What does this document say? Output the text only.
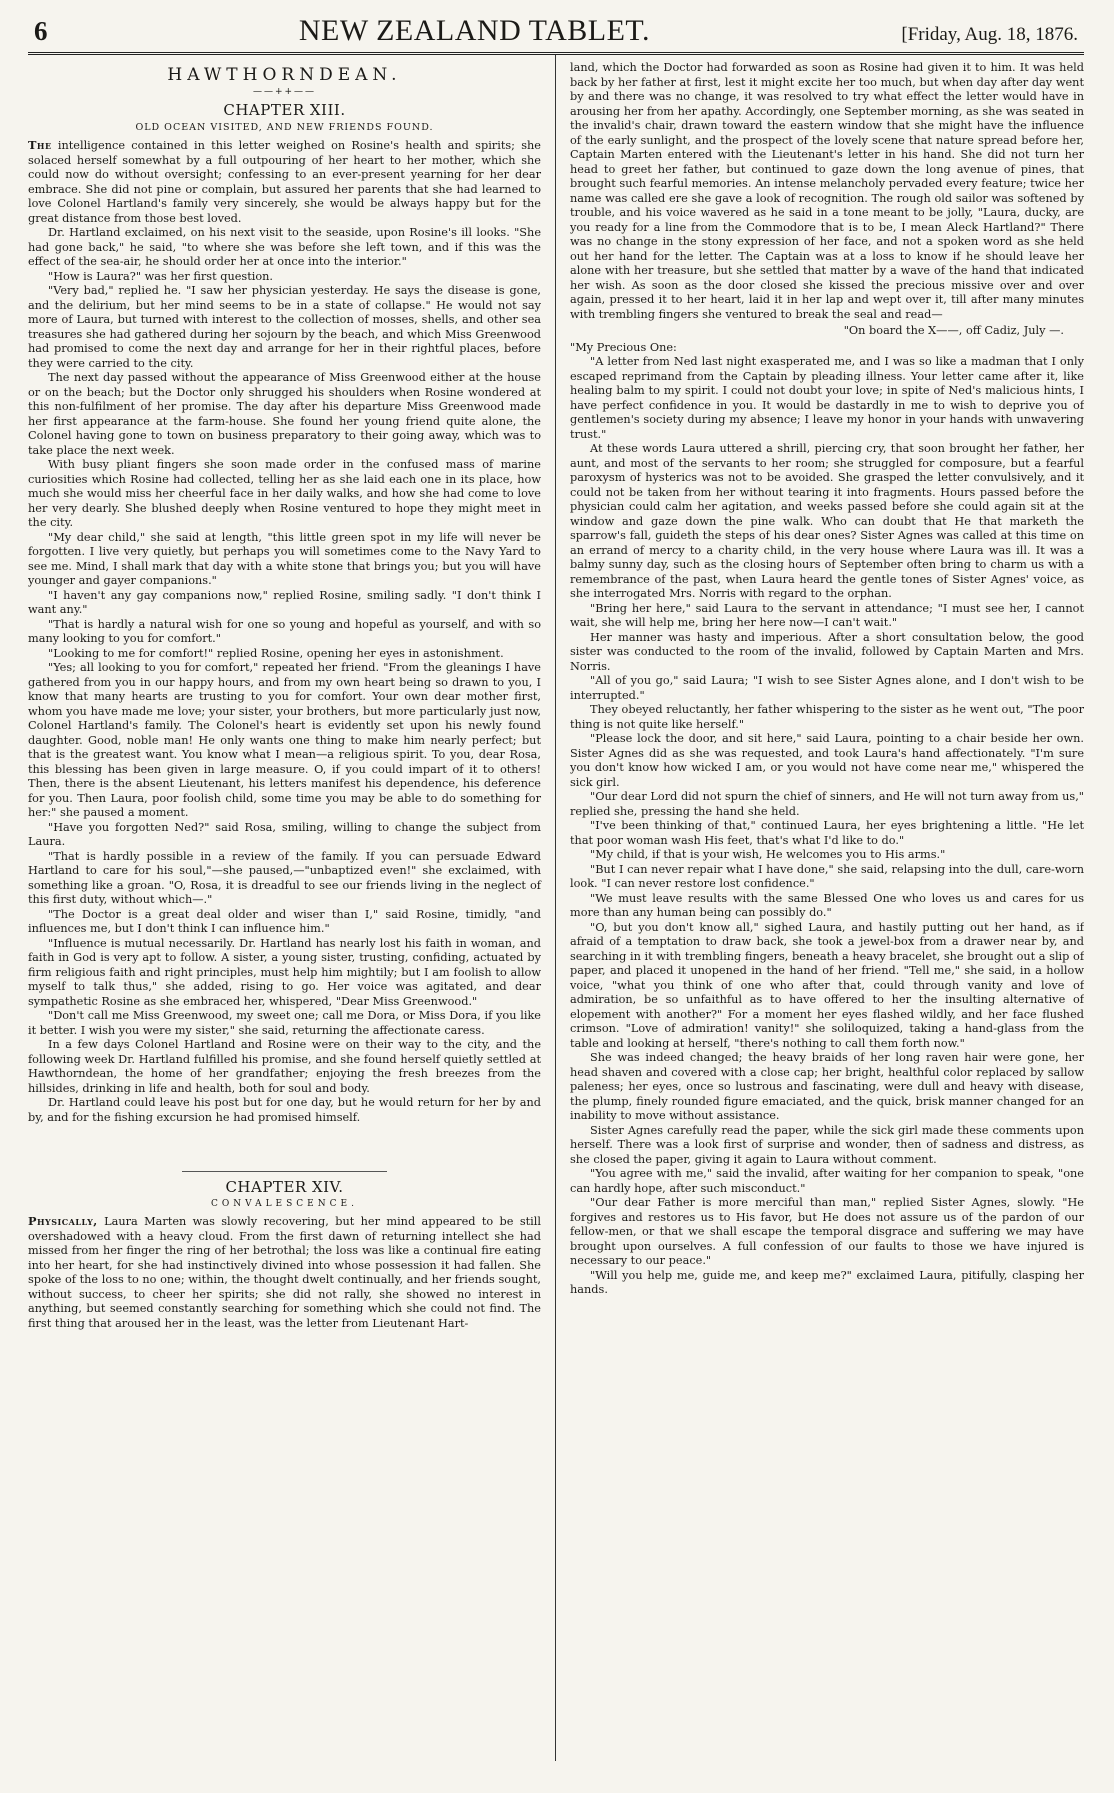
6	NEW ZEALAND TABLET.	[Friday, Aug. 18, 1876.
HAWTHORNDEAN.
——++——
CHAPTER XIII.
OLD OCEAN VISITED, AND NEW FRIENDS FOUND.

The intelligence contained in this letter weighed on Rosine's health and spirits; she solaced herself somewhat by a full outpouring of her heart to her mother, which she could now do without oversight; confessing to an ever-present yearning for her dear embrace. She did not pine or complain, but assured her parents that she had learned to love Colonel Hartland's family very sincerely, she would be always happy but for the great distance from those best loved.

Dr. Hartland exclaimed, on his next visit to the seaside, upon Rosine's ill looks. "She had gone back," he said, "to where she was before she left town, and if this was the effect of the sea-air, he should order her at once into the interior."

"How is Laura?" was her first question.

"Very bad," replied he. "I saw her physician yesterday. He says the disease is gone, and the delirium, but her mind seems to be in a state of collapse." He would not say more of Laura, but turned with interest to the collection of mosses, shells, and other sea treasures she had gathered during her sojourn by the beach, and which Miss Greenwood had promised to come the next day and arrange for her in their rightful places, before they were carried to the city.

The next day passed without the appearance of Miss Greenwood either at the house or on the beach; but the Doctor only shrugged his shoulders when Rosine wondered at this non-fulfilment of her promise. The day after his departure Miss Greenwood made her first appearance at the farm-house. She found her young friend quite alone, the Colonel having gone to town on business preparatory to their going away, which was to take place the next week.

With busy pliant fingers she soon made order in the confused mass of marine curiosities which Rosine had collected, telling her as she laid each one in its place, how much she would miss her cheerful face in her daily walks, and how she had come to love her very dearly. She blushed deeply when Rosine ventured to hope they might meet in the city.

"My dear child," she said at length, "this little green spot in my life will never be forgotten. I live very quietly, but perhaps you will sometimes come to the Navy Yard to see me. Mind, I shall mark that day with a white stone that brings you; but you will have younger and gayer companions."

"I haven't any gay companions now," replied Rosine, smiling sadly. "I don't think I want any."

"That is hardly a natural wish for one so young and hopeful as yourself, and with so many looking to you for comfort."

"Looking to me for comfort!" replied Rosine, opening her eyes in astonishment.

"Yes; all looking to you for comfort," repeated her friend. "From the gleanings I have gathered from you in our happy hours, and from my own heart being so drawn to you, I know that many hearts are trusting to you for comfort. Your own dear mother first, whom you have made me love; your sister, your brothers, but more particularly just now, Colonel Hartland's family. The Colonel's heart is evidently set upon his newly found daughter. Good, noble man! He only wants one thing to make him nearly perfect; but that is the greatest want. You know what I mean—a religious spirit. To you, dear Rosa, this blessing has been given in large measure. O, if you could impart of it to others! Then, there is the absent Lieutenant, his letters manifest his dependence, his deference for you. Then Laura, poor foolish child, some time you may be able to do something for her:" she paused a moment.

"Have you forgotten Ned?" said Rosa, smiling, willing to change the subject from Laura.

"That is hardly possible in a review of the family. If you can persuade Edward Hartland to care for his soul,"—she paused,—"unbaptized even!" she exclaimed, with something like a groan. "O, Rosa, it is dreadful to see our friends living in the neglect of this first duty, without which—."

"The Doctor is a great deal older and wiser than I," said Rosine, timidly, "and influences me, but I don't think I can influence him."

"Influence is mutual necessarily. Dr. Hartland has nearly lost his faith in woman, and faith in God is very apt to follow. A sister, a young sister, trusting, confiding, actuated by firm religious faith and right principles, must help him mightily; but I am foolish to allow myself to talk thus," she added, rising to go. Her voice was agitated, and dear sympathetic Rosine as she embraced her, whispered, "Dear Miss Greenwood."

"Don't call me Miss Greenwood, my sweet one; call me Dora, or Miss Dora, if you like it better. I wish you were my sister," she said, returning the affectionate caress.

In a few days Colonel Hartland and Rosine were on their way to the city, and the following week Dr. Hartland fulfilled his promise, and she found herself quietly settled at Hawthorndean, the home of her grandfather; enjoying the fresh breezes from the hillsides, drinking in life and health, both for soul and body.

Dr. Hartland could leave his post but for one day, but he would return for her by and by, and for the fishing excursion he had promised himself.

CHAPTER XIV.
CONVALESCENCE.

Physically, Laura Marten was slowly recovering, but her mind appeared to be still overshadowed with a heavy cloud. From the first dawn of returning intellect she had missed from her finger the ring of her betrothal; the loss was like a continual fire eating into her heart, for she had instinctively divined into whose possession it had fallen. She spoke of the loss to no one; within, the thought dwelt continually, and her friends sought, without success, to cheer her spirits; she did not rally, she showed no interest in anything, but seemed constantly searching for something which she could not find. The first thing that aroused her in the least, was the letter from Lieutenant Hart-

land, which the Doctor had forwarded as soon as Rosine had given it to him. It was held back by her father at first, lest it might excite her too much, but when day after day went by and there was no change, it was resolved to try what effect the letter would have in arousing her from her apathy. Accordingly, one September morning, as she was seated in the invalid's chair, drawn toward the eastern window that she might have the influence of the early sunlight, and the prospect of the lovely scene that nature spread before her, Captain Marten entered with the Lieutenant's letter in his hand. She did not turn her head to greet her father, but continued to gaze down the long avenue of pines, that brought such fearful memories. An intense melancholy pervaded every feature; twice her name was called ere she gave a look of recognition. The rough old sailor was softened by trouble, and his voice wavered as he said in a tone meant to be jolly, "Laura, ducky, are you ready for a line from the Commodore that is to be, I mean Aleck Hartland?" There was no change in the stony expression of her face, and not a spoken word as she held out her hand for the letter. The Captain was at a loss to know if he should leave her alone with her treasure, but she settled that matter by a wave of the hand that indicated her wish. As soon as the door closed she kissed the precious missive over and over again, pressed it to her heart, laid it in her lap and wept over it, till after many minutes with trembling fingers she ventured to break the seal and read—

"On board the X——, off Cadiz, July —.

"My Precious One:

"A letter from Ned last night exasperated me, and I was so like a madman that I only escaped reprimand from the Captain by pleading illness. Your letter came after it, like healing balm to my spirit. I could not doubt your love; in spite of Ned's malicious hints, I have perfect confidence in you. It would be dastardly in me to wish to deprive you of gentlemen's society during my absence; I leave my honor in your hands with unwavering trust."

At these words Laura uttered a shrill, piercing cry, that soon brought her father, her aunt, and most of the servants to her room; she struggled for composure, but a fearful paroxysm of hysterics was not to be avoided. She grasped the letter convulsively, and it could not be taken from her without tearing it into fragments. Hours passed before the physician could calm her agitation, and weeks passed before she could again sit at the window and gaze down the pine walk. Who can doubt that He that marketh the sparrow's fall, guideth the steps of his dear ones? Sister Agnes was called at this time on an errand of mercy to a charity child, in the very house where Laura was ill. It was a balmy sunny day, such as the closing hours of September often bring to charm us with a remembrance of the past, when Laura heard the gentle tones of Sister Agnes' voice, as she interrogated Mrs. Norris with regard to the orphan.

"Bring her here," said Laura to the servant in attendance; "I must see her, I cannot wait, she will help me, bring her here now—I can't wait."

Her manner was hasty and imperious. After a short consultation below, the good sister was conducted to the room of the invalid, followed by Captain Marten and Mrs. Norris.

"All of you go," said Laura; "I wish to see Sister Agnes alone, and I don't wish to be interrupted."

They obeyed reluctantly, her father whispering to the sister as he went out, "The poor thing is not quite like herself."

"Please lock the door, and sit here," said Laura, pointing to a chair beside her own. Sister Agnes did as she was requested, and took Laura's hand affectionately. "I'm sure you don't know how wicked I am, or you would not have come near me," whispered the sick girl.

"Our dear Lord did not spurn the chief of sinners, and He will not turn away from us," replied she, pressing the hand she held.

"I've been thinking of that," continued Laura, her eyes brightening a little. "He let that poor woman wash His feet, that's what I'd like to do."

"My child, if that is your wish, He welcomes you to His arms."

"But I can never repair what I have done," she said, relapsing into the dull, care-worn look. "I can never restore lost confidence."

"We must leave results with the same Blessed One who loves us and cares for us more than any human being can possibly do."

"O, but you don't know all," sighed Laura, and hastily putting out her hand, as if afraid of a temptation to draw back, she took a jewel-box from a drawer near by, and searching in it with trembling fingers, beneath a heavy bracelet, she brought out a slip of paper, and placed it unopened in the hand of her friend. "Tell me," she said, in a hollow voice, "what you think of one who after that, could through vanity and love of admiration, be so unfaithful as to have offered to her the insulting alternative of elopement with another?" For a moment her eyes flashed wildly, and her face flushed crimson. "Love of admiration! vanity!" she soliloquized, taking a hand-glass from the table and looking at herself, "there's nothing to call them forth now."

She was indeed changed; the heavy braids of her long raven hair were gone, her head shaven and covered with a close cap; her bright, healthful color replaced by sallow paleness; her eyes, once so lustrous and fascinating, were dull and heavy with disease, the plump, finely rounded figure emaciated, and the quick, brisk manner changed for an inability to move without assistance.

Sister Agnes carefully read the paper, while the sick girl made these comments upon herself. There was a look first of surprise and wonder, then of sadness and distress, as she closed the paper, giving it again to Laura without comment.

"You agree with me," said the invalid, after waiting for her companion to speak, "one can hardly hope, after such misconduct."

"Our dear Father is more merciful than man," replied Sister Agnes, slowly. "He forgives and restores us to His favor, but He does not assure us of the pardon of our fellow-men, or that we shall escape the temporal disgrace and suffering we may have brought upon ourselves. A full confession of our faults to those we have injured is necessary to our peace."

"Will you help me, guide me, and keep me?" exclaimed Laura, pitifully, clasping her hands.
